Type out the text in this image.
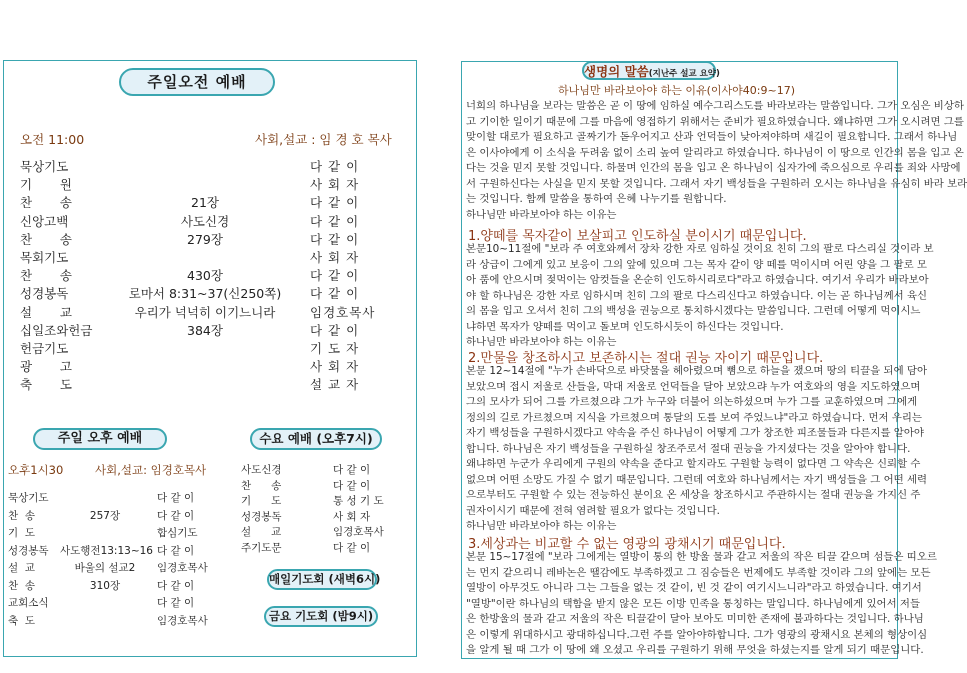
주일오전 예배
오전 11:00	사회,설교 : 임 경 호 목사
묵상기도	다 같 이
기       원	사 회 자
찬       송	21장	다 같 이
신앙고백	사도신경	다 같 이
찬       송	279장	다 같 이
목회기도	사 회 자
찬       송	430장	다 같 이
성경봉독	로마서 8:31~37(신250쪽)	다 같 이
설       교	우리가 넉넉히 이기느니라	임경호목사
십일조와헌금	384장	다 같 이
헌금기도	기 도 자
광       고	사 회 자
축       도	설 교 자
주일 오후 예배
오후1시30	사회,설교: 임경호목사
묵상기도	다 같 이
찬  송	257장	다 같 이
기  도	합심기도
성경봉독 사도행전13:13~16 다 같 이
설  교	바울의 설교2	임경호목사
찬  송	310장	다 같 이
교회소식	다 같 이
축  도	임경호목사
수요 예배 (오후7시)
사도신경	다 같 이
찬      송	다 같 이
기      도	통 성 기 도
성경봉독	사 회 자
설      교	임경호목사
주기도문	다 같 이
매일기도회 (새벽6시)
금요 기도회 (밤9시)
생명의 말씀(지난주 설교 요약)
하나님만 바라보아야 하는 이유(이사야40:9~17)
너희의 하나님을 보라는 말씀은 곧 이 땅에 임하실 예수그리스도를 바라보라는 말씀입니다. 그가 오심은 비상하
고 기이한 일이기 때문에 그를 마음에 영접하기 위해서는 준비가 필요하였습니다. 왜냐하면 그가 오시려면 그를
맞이할 대로가 필요하고 골짜기가 돋우어지고 산과 언덕들이 낮아져야하며 새길이 필요합니다. 그래서 하나님
은 이사야에게 이 소식을 두려움 없이 소리 높여 알리라고 하였습니다. 하나님이 이 땅으로 인간의 몸을 입고 온
다는 것을 믿지 못할 것입니다. 하물며 인간의 몸을 입고 온 하나님이 십자가에 죽으심으로 우리를 죄와 사망에
서 구원하신다는 사실을 믿지 못할 것입니다. 그래서 자기 백성들을 구원하러 오시는 하나님을 유심히 바라 보라
는 것입니다. 함께 말씀을 통하여 은혜 나누기를 원합니다.
하나님만 바라보아야 하는 이유는
1.양떼를 목자같이 보살피고 인도하실 분이시기 때문입니다.
본문10~11절에 "보라 주 여호와께서 장차 강한 자로 임하실 것이요 친히 그의 팔로 다스리실 것이라 보
라 상급이 그에게 있고 보응이 그의 앞에 있으며 그는 목자 같이 양 떼를 먹이시며 어린 양을 그 팔로 모
아 품에 안으시며 젖먹이는 암컷들을 온순히 인도하시리로다"라고 하였습니다. 여기서 우리가 바라보아
야 할 하나님은 강한 자로 임하시며 친히 그의 팔로 다스리신다고 하였습니다. 이는 곧 하나님께서 육신
의 몸을 입고 오셔서 친히 그의 백성을 권능으로 통치하시겠다는 말씀입니다. 그런데 어떻게 먹이시느
냐하면 목자가 양떼를 먹이고 돌보며 인도하시듯이 하신다는 것입니다.
하나님만 바라보아야 하는 이유는
2.만물을 창조하시고 보존하시는 절대 권능 자이기 때문입니다.
본문 12~14절에 "누가 손바닥으로 바닷물을 헤아렸으며 뼘으로 하늘을 쟀으며 땅의 티끌을 되에 담아
보았으며 접시 저울로 산들을, 막대 저울로 언덕들을 달아 보았으랴 누가 여호와의 영을 지도하였으며
그의 모사가 되어 그를 가르쳤으랴 그가 누구와 더불어 의논하셨으며 누가 그를 교훈하였으며 그에게
정의의 길로 가르쳤으며 지식을 가르쳤으며 통달의 도를 보여 주었느냐"라고 하였습니다. 먼저 우리는
자기 백성들을 구원하시겠다고 약속을 주신 하나님이 어떻게 그가 창조한 피조물들과 다른지를 알아야
합니다. 하나님은 자기 백성들을 구원하실 창조주로서 절대 권능을 가지셨다는 것을 알아야 합니다.
왜냐하면 누군가 우리에게 구원의 약속을 준다고 할지라도 구원할 능력이 없다면 그 약속은 신뢰할 수
없으며 어떤 소망도 가질 수 없기 때문입니다. 그런데 여호와 하나님께서는 자기 백성들을 그 어떤 세력
으로부터도 구원할 수 있는 전능하신 분이요 온 세상을 창조하시고 주관하시는 절대 권능을 가지신 주
권자이시기 때문에 전혀 염려할 필요가 없다는 것입니다.
하나님만 바라보아야 하는 이유는
3.세상과는 비교할 수 없는 영광의 광채시기 때문입니다.
본문 15~17절에 "보라 그에게는 열방이 통의 한 방울 물과 같고 저울의 작은 티끌 같으며 섬들은 띠오르
는 먼지 같으리니 레바논은 땔감에도 부족하겠고 그 짐승들은 번제에도 부족할 것이라 그의 앞에는 모든
열방이 아무것도 아니라 그는 그들을 없는 것 같이, 빈 것 같이 여기시느니라"라고 하였습니다. 여기서
"열방"이란 하나님의 택함을 받지 않은 모든 이방 민족을 통칭하는 말입니다. 하나님에게 있어서 저들
은 한방울의 물과 같고 저울의 작은 티끌같이 달아 보아도 미미한 존재에 불과하다는 것입니다. 하나님
은 이렇게 위대하시고 광대하십니다.그런 주를 알아야하합니다. 그가 영광의 광채시요 본체의 형상이심
을 알게 될 때 그가 이 땅에 왜 오셨고 우리를 구원하기 위해 무엇을 하셨는지를 알게 되기 때문입니다.
